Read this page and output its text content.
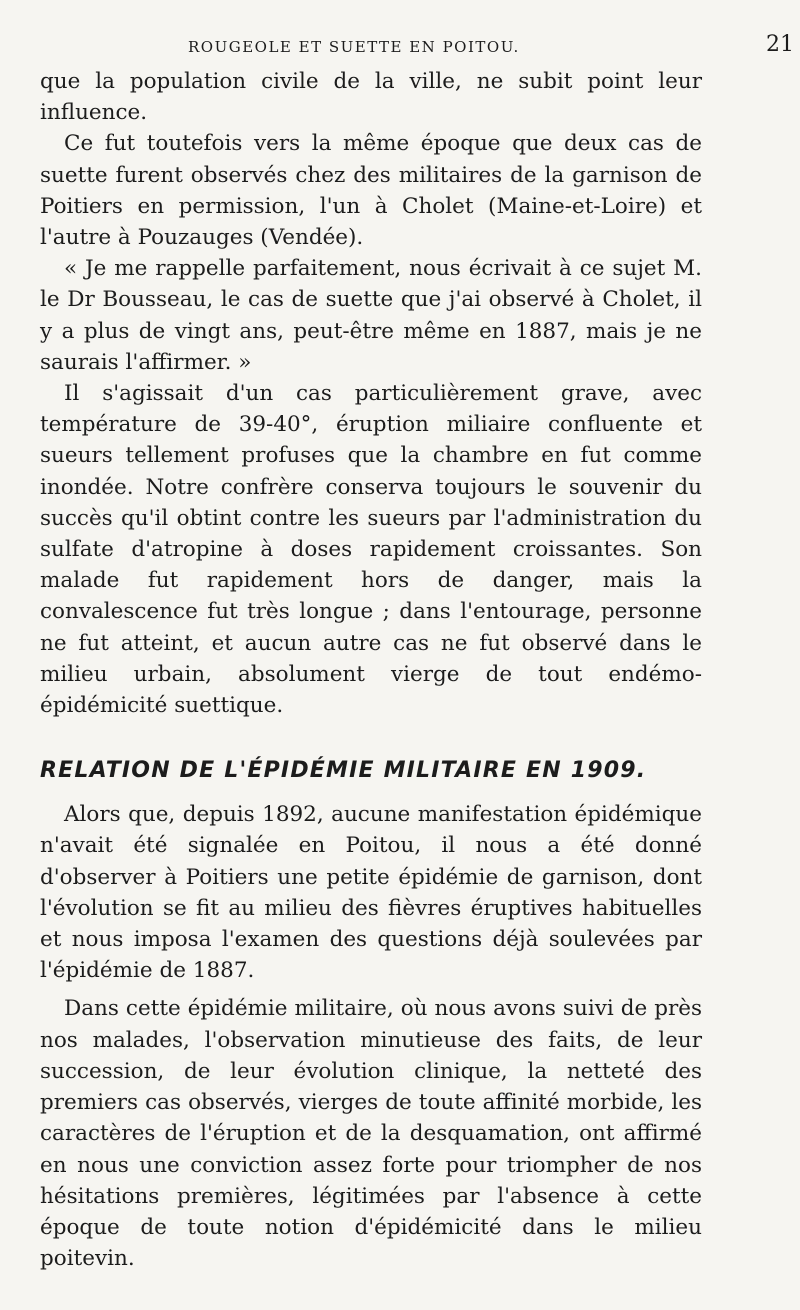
ROUGEOLE ET SUETTE EN POITOU.	21

que la population civile de la ville, ne subit point leur influence.

Ce fut toutefois vers la même époque que deux cas de suette furent observés chez des militaires de la garnison de Poitiers en permission, l'un à Cholet (Maine-et-Loire) et l'autre à Pouzauges (Vendée).

« Je me rappelle parfaitement, nous écrivait à ce sujet M. le Dr Bousseau, le cas de suette que j'ai observé à Cholet, il y a plus de vingt ans, peut-être même en 1887, mais je ne saurais l'affirmer. »

Il s'agissait d'un cas particulièrement grave, avec température de 39-40°, éruption miliaire confluente et sueurs tellement profuses que la chambre en fut comme inondée. Notre confrère conserva toujours le souvenir du succès qu'il obtint contre les sueurs par l'administration du sulfate d'atropine à doses rapidement croissantes. Son malade fut rapidement hors de danger, mais la convalescence fut très longue ; dans l'entourage, personne ne fut atteint, et aucun autre cas ne fut observé dans le milieu urbain, absolument vierge de tout endémo-épidémicité suettique.

RELATION DE L'ÉPIDÉMIE MILITAIRE EN 1909.

Alors que, depuis 1892, aucune manifestation épidémique n'avait été signalée en Poitou, il nous a été donné d'observer à Poitiers une petite épidémie de garnison, dont l'évolution se fit au milieu des fièvres éruptives habituelles et nous imposa l'examen des questions déjà soulevées par l'épidémie de 1887.

Dans cette épidémie militaire, où nous avons suivi de près nos malades, l'observation minutieuse des faits, de leur succession, de leur évolution clinique, la netteté des premiers cas observés, vierges de toute affinité morbide, les caractères de l'éruption et de la desquamation, ont affirmé en nous une conviction assez forte pour triompher de nos hésitations premières, légitimées par l'absence à cette époque de toute notion d'épidémicité dans le milieu poitevin.
